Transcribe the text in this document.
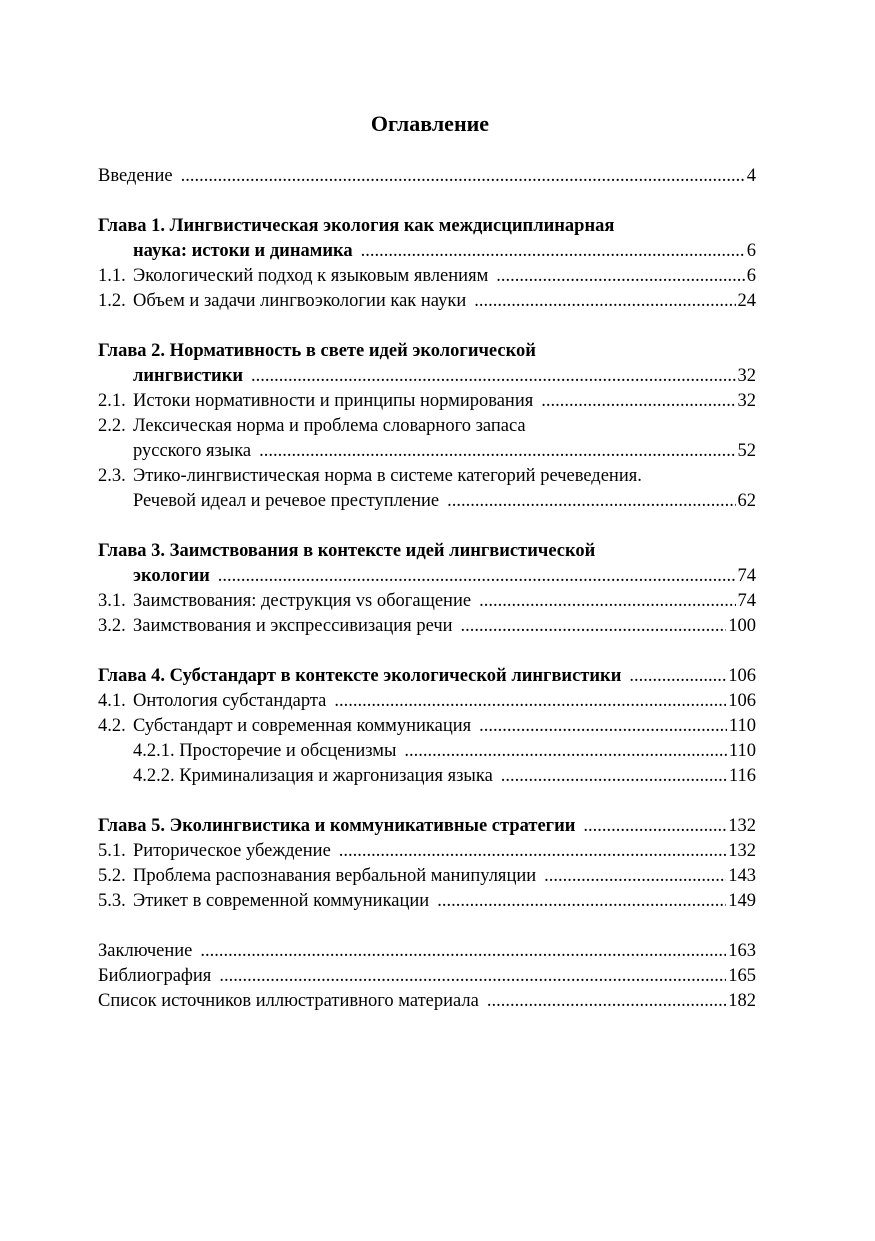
Оглавление
Введение .....	4
Глава 1. Лингвистическая экология как междисциплинарная
наука: истоки и динамика .....	6
1.1. Экологический подход к языковым явлениям .....	6
1.2. Объем и задачи лингвоэкологии как науки .....	24
Глава 2. Нормативность в свете идей экологической
лингвистики .....	32
2.1. Истоки нормативности и принципы нормирования .....	32
2.2. Лексическая норма и проблема словарного запаса
русского языка .....	52
2.3. Этико-лингвистическая норма в системе категорий речеведения.
Речевой идеал и речевое преступление .....	62
Глава 3. Заимствования в контексте идей лингвистической
экологии .....	74
3.1. Заимствования: деструкция vs обогащение .....	74
3.2. Заимствования и экспрессивизация речи .....	100
Глава 4. Субстандарт в контексте экологической лингвистики .....	106
4.1. Онтология субстандарта .....	106
4.2. Субстандарт и современная коммуникация .....	110
4.2.1. Просторечие и обсценизмы .....	110
4.2.2. Криминализация и жаргонизация языка .....	116
Глава 5. Эколингвистика и коммуникативные стратегии .....	132
5.1. Риторическое убеждение .....	132
5.2. Проблема распознавания вербальной манипуляции .....	143
5.3. Этикет в современной коммуникации .....	149
Заключение .....	163
Библиография .....	165
Список источников иллюстративного материала .....	182
